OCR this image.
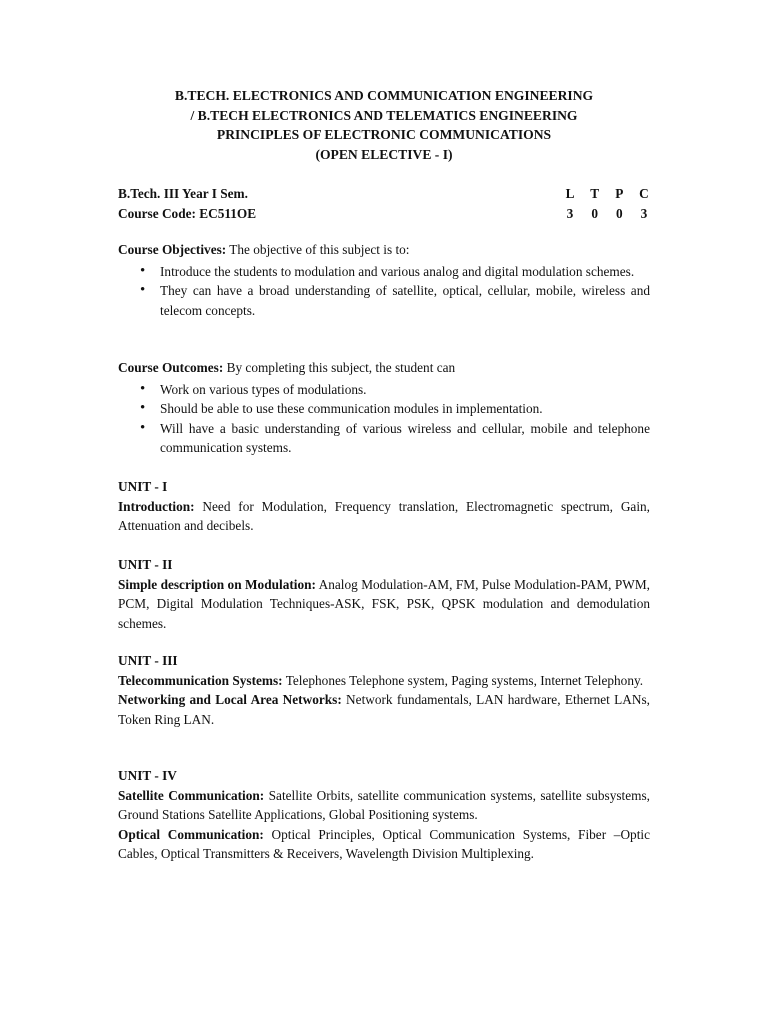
B.TECH. ELECTRONICS AND COMMUNICATION ENGINEERING
/ B.TECH ELECTRONICS AND TELEMATICS ENGINEERING
PRINCIPLES OF ELECTRONIC COMMUNICATIONS
(OPEN ELECTIVE - I)
B.Tech. III Year I Sem.	L T P C
Course Code: EC511OE	3 0 0 3
Course Objectives: The objective of this subject is to:
• Introduce the students to modulation and various analog and digital modulation schemes.
• They can have a broad understanding of satellite, optical, cellular, mobile, wireless and telecom concepts.
Course Outcomes: By completing this subject, the student can
• Work on various types of modulations.
• Should be able to use these communication modules in implementation.
• Will have a basic understanding of various wireless and cellular, mobile and telephone communication systems.
UNIT - I
Introduction: Need for Modulation, Frequency translation, Electromagnetic spectrum, Gain, Attenuation and decibels.
UNIT - II
Simple description on Modulation: Analog Modulation-AM, FM, Pulse Modulation-PAM, PWM, PCM, Digital Modulation Techniques-ASK, FSK, PSK, QPSK modulation and demodulation schemes.
UNIT - III
Telecommunication Systems: Telephones Telephone system, Paging systems, Internet Telephony.
Networking and Local Area Networks: Network fundamentals, LAN hardware, Ethernet LANs, Token Ring LAN.
UNIT - IV
Satellite Communication: Satellite Orbits, satellite communication systems, satellite subsystems, Ground Stations Satellite Applications, Global Positioning systems.
Optical Communication: Optical Principles, Optical Communication Systems, Fiber –Optic Cables, Optical Transmitters & Receivers, Wavelength Division Multiplexing.
